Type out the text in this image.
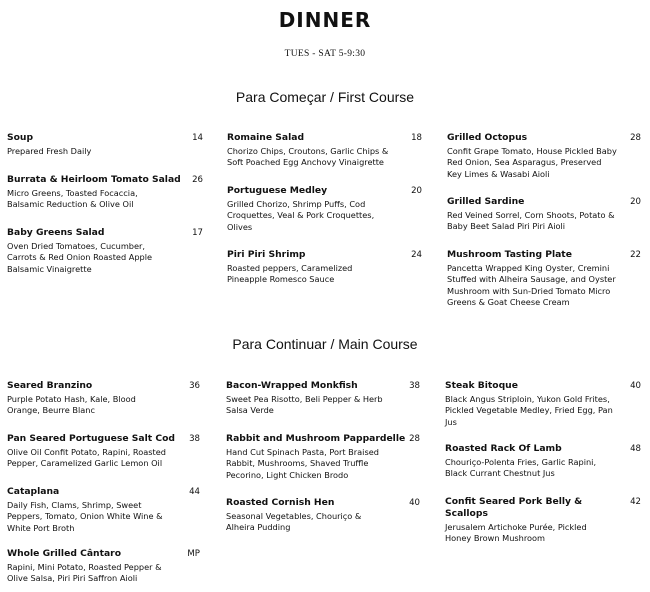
DINNER
TUES - SAT 5-9:30
Para Começar / First Course
Soup	14
Prepared Fresh Daily
Burrata & Heirloom Tomato Salad	26
Micro Greens, Toasted Focaccia, Balsamic Reduction & Olive Oil
Baby Greens Salad	17
Oven Dried Tomatoes, Cucumber, Carrots & Red Onion Roasted Apple Balsamic Vinaigrette
Romaine Salad	18
Chorizo Chips, Croutons, Garlic Chips & Soft Poached Egg Anchovy Vinaigrette
Portuguese Medley	20
Grilled Chorizo, Shrimp Puffs, Cod Croquettes, Veal & Pork Croquettes, Olives
Piri Piri Shrimp	24
Roasted peppers, Caramelized Pineapple Romesco Sauce
Grilled Octopus	28
Confit Grape Tomato, House Pickled Baby Red Onion, Sea Asparagus, Preserved Key Limes & Wasabi Aioli
Grilled Sardine	20
Red Veined Sorrel, Corn Shoots, Potato & Baby Beet Salad Piri Piri Aioli
Mushroom Tasting Plate	22
Pancetta Wrapped King Oyster, Cremini Stuffed with Alheira Sausage, and Oyster Mushroom with Sun-Dried Tomato Micro Greens & Goat Cheese Cream
Para Continuar / Main Course
Seared Branzino	36
Purple Potato Hash, Kale, Blood Orange, Beurre Blanc
Pan Seared Portuguese Salt Cod	38
Olive Oil Confit Potato, Rapini, Roasted Pepper, Caramelized Garlic Lemon Oil
Cataplana	44
Daily Fish, Clams, Shrimp, Sweet Peppers, Tomato, Onion White Wine & White Port Broth
Whole Grilled Cântaro	MP
Rapini, Mini Potato, Roasted Pepper & Olive Salsa, Piri Piri Saffron Aioli
Bacon-Wrapped Monkfish	38
Sweet Pea Risotto, Beli Pepper & Herb Salsa Verde
Rabbit and Mushroom Pappardelle 28
Hand Cut Spinach Pasta, Port Braised Rabbit, Mushrooms, Shaved Truffle Pecorino, Light Chicken Brodo
Roasted Cornish Hen	40
Seasonal Vegetables, Chouriço & Alheira Pudding
Steak Bitoque	40
Black Angus Striploin, Yukon Gold Frites, Pickled Vegetable Medley, Fried Egg, Pan Jus
Roasted Rack Of Lamb	48
Chouriço-Polenta Fries, Garlic Rapini, Black Currant Chestnut Jus
Confit Seared Pork Belly & Scallops
42
Jerusalem Artichoke Purée, Pickled Honey Brown Mushroom
